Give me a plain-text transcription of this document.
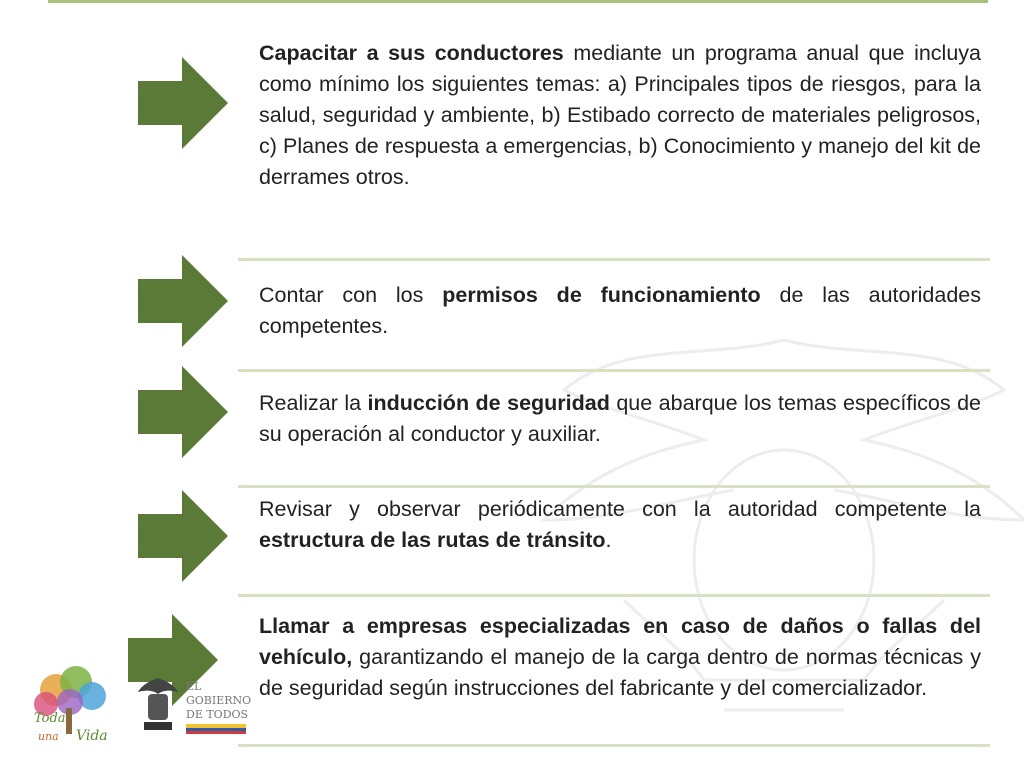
Capacitar a sus conductores mediante un programa anual que incluya como mínimo los siguientes temas: a) Principales tipos de riesgos, para la salud, seguridad y ambiente, b) Estibado correcto de materiales peligrosos, c) Planes de respuesta a emergencias, b) Conocimiento y manejo del kit de derrames otros.

Contar con los permisos de funcionamiento de las autoridades competentes.

Realizar la inducción de seguridad que abarque los temas específicos de su operación al conductor y auxiliar.

Revisar y observar periódicamente con la autoridad competente la estructura de las rutas de tránsito.

Llamar a empresas especializadas en caso de daños o fallas del vehículo, garantizando el manejo de la carga dentro de normas técnicas y de seguridad según instrucciones del fabricante y del comercializador.

Toda
una Vida
EL
GOBIERNO
DE TODOS
